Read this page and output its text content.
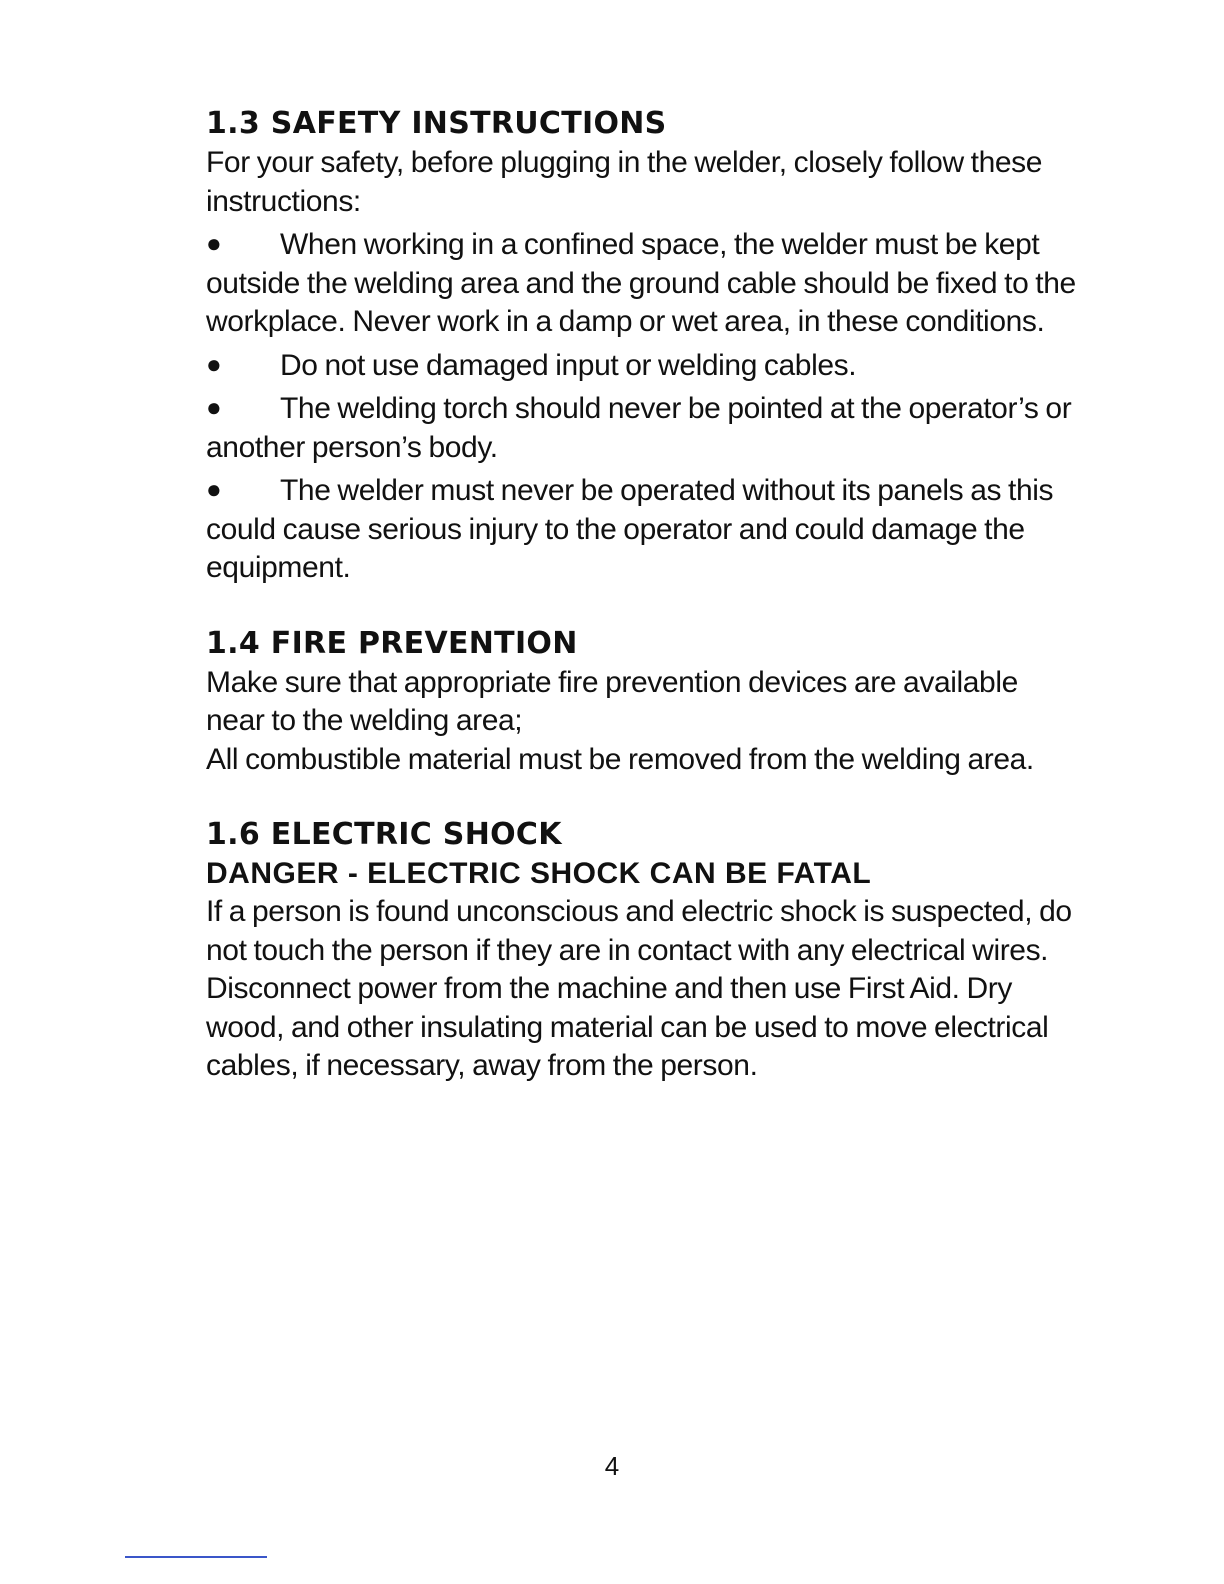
1.3 SAFETY INSTRUCTIONS

For your safety, before plugging in the welder, closely follow these instructions:

● When working in a confined space, the welder must be kept outside the welding area and the ground cable should be fixed to the workplace. Never work in a damp or wet area, in these conditions.

● Do not use damaged input or welding cables.

● The welding torch should never be pointed at the operator’s or another person’s body.

● The welder must never be operated without its panels as this could cause serious injury to the operator and could damage the equipment.

1.4 FIRE PREVENTION

Make sure that appropriate fire prevention devices are available near to the welding area;

All combustible material must be removed from the welding area.

1.6 ELECTRIC SHOCK
DANGER - ELECTRIC SHOCK CAN BE FATAL

If a person is found unconscious and electric shock is suspected, do not touch the person if they are in contact with any electrical wires. Disconnect power from the machine and then use First Aid. Dry wood, and other insulating material can be used to move electrical cables, if necessary, away from the person.

4
